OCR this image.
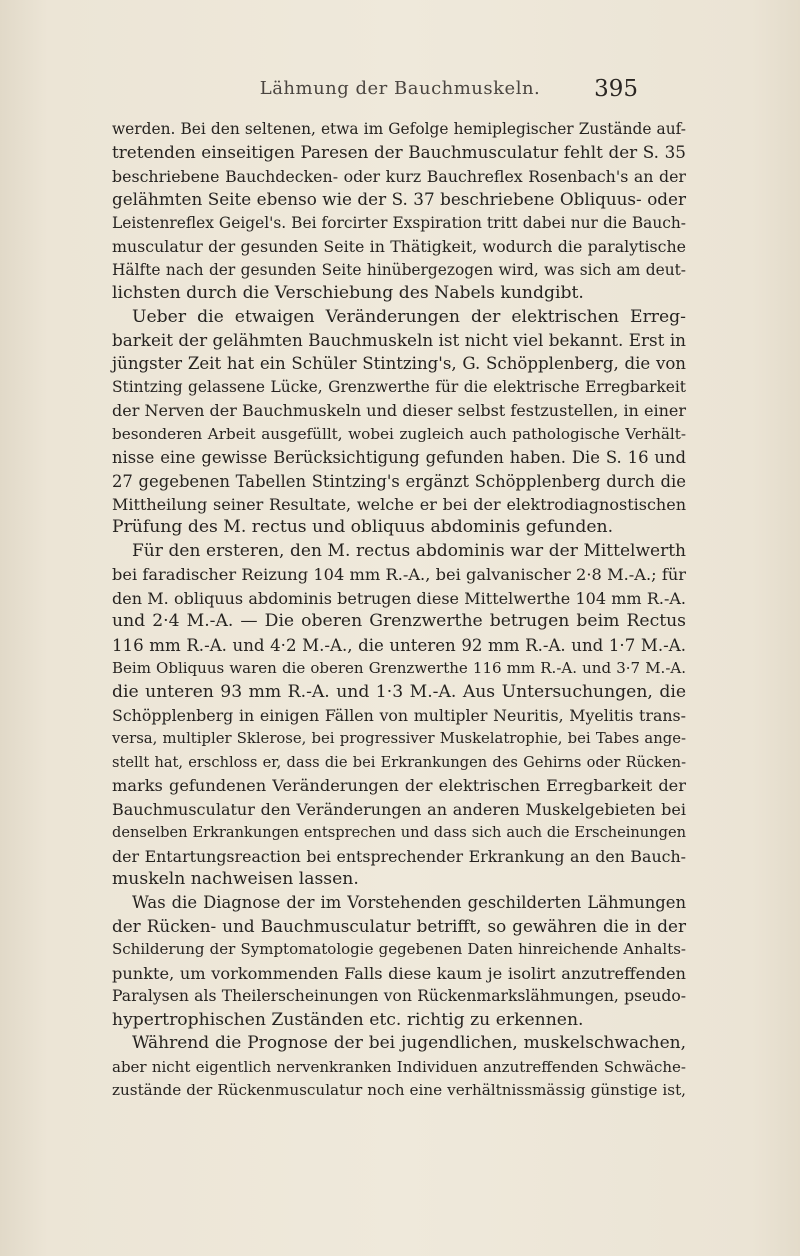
Lähmung der Bauchmuskeln.	395
werden. Bei den seltenen, etwa im Gefolge hemiplegischer Zustände auf-
tretenden einseitigen Paresen der Bauchmusculatur fehlt der S. 35
beschriebene Bauchdecken- oder kurz Bauchreflex Rosenbach's an der
gelähmten Seite ebenso wie der S. 37 beschriebene Obliquus- oder
Leistenreflex Geigel's. Bei forcirter Exspiration tritt dabei nur die Bauch-
musculatur der gesunden Seite in Thätigkeit, wodurch die paralytische
Hälfte nach der gesunden Seite hinübergezogen wird, was sich am deut-
lichsten durch die Verschiebung des Nabels kundgibt.
Ueber die etwaigen Veränderungen der elektrischen Erreg-
barkeit der gelähmten Bauchmuskeln ist nicht viel bekannt. Erst in
jüngster Zeit hat ein Schüler Stintzing's, G. Schöpplenberg, die von
Stintzing gelassene Lücke, Grenzwerthe für die elektrische Erregbarkeit
der Nerven der Bauchmuskeln und dieser selbst festzustellen, in einer
besonderen Arbeit ausgefüllt, wobei zugleich auch pathologische Verhält-
nisse eine gewisse Berücksichtigung gefunden haben. Die S. 16 und
27 gegebenen Tabellen Stintzing's ergänzt Schöpplenberg durch die
Mittheilung seiner Resultate, welche er bei der elektrodiagnostischen
Prüfung des M. rectus und obliquus abdominis gefunden.
Für den ersteren, den M. rectus abdominis war der Mittelwerth
bei faradischer Reizung 104 mm R.-A., bei galvanischer 2·8 M.-A.; für
den M. obliquus abdominis betrugen diese Mittelwerthe 104 mm R.-A.
und 2·4 M.-A. — Die oberen Grenzwerthe betrugen beim Rectus
116 mm R.-A. und 4·2 M.-A., die unteren 92 mm R.-A. und 1·7 M.-A.
Beim Obliquus waren die oberen Grenzwerthe 116 mm R.-A. und 3·7 M.-A.
die unteren 93 mm R.-A. und 1·3 M.-A. Aus Untersuchungen, die
Schöpplenberg in einigen Fällen von multipler Neuritis, Myelitis trans-
versa, multipler Sklerose, bei progressiver Muskelatrophie, bei Tabes ange-
stellt hat, erschloss er, dass die bei Erkrankungen des Gehirns oder Rücken-
marks gefundenen Veränderungen der elektrischen Erregbarkeit der
Bauchmusculatur den Veränderungen an anderen Muskelgebieten bei
denselben Erkrankungen entsprechen und dass sich auch die Erscheinungen
der Entartungsreaction bei entsprechender Erkrankung an den Bauch-
muskeln nachweisen lassen.
Was die Diagnose der im Vorstehenden geschilderten Lähmungen
der Rücken- und Bauchmusculatur betrifft, so gewähren die in der
Schilderung der Symptomatologie gegebenen Daten hinreichende Anhalts-
punkte, um vorkommenden Falls diese kaum je isolirt anzutreffenden
Paralysen als Theilerscheinungen von Rückenmarkslähmungen, pseudo-
hypertrophischen Zuständen etc. richtig zu erkennen.
Während die Prognose der bei jugendlichen, muskelschwachen,
aber nicht eigentlich nervenkranken Individuen anzutreffenden Schwäche-
zustände der Rückenmusculatur noch eine verhältnissmässig günstige ist,
